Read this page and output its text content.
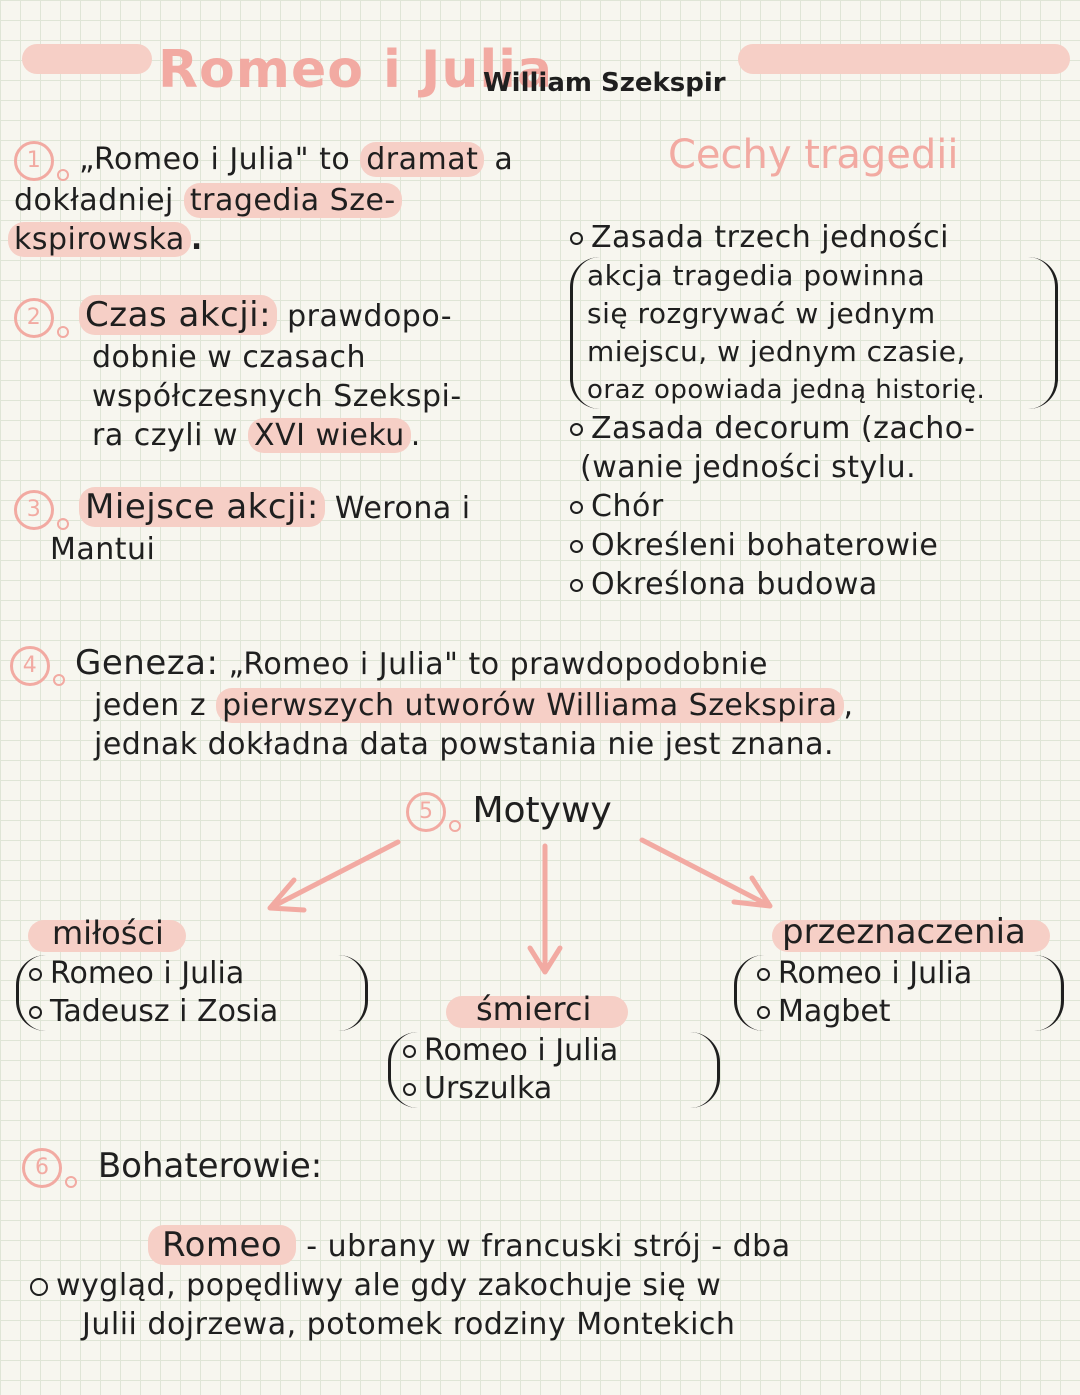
Romeo i Julia
William Szekspir
1 „Romeo i Julia" to dramat a dokładniej tragedia Sze- kspirowska .
2 Czas akcji: prawdopo-
dobnie w czasach
współczesnych Szekspi-
ra czyli w XVI wieku .
3 Miejsce akcji: Werona i
Mantui
Cechy tragedii
Zasada trzech jedności
akcja tragedia powinna
się rozgrywać w jednym
miejscu, w jednym czasie,
oraz opowiada jedną historię.
Zasada decorum (zacho-
(wanie jedności stylu.
Chór
Określeni bohaterowie
Określona budowa
4 Geneza: „Romeo i Julia" to prawdopodobnie
jeden z pierwszych utworów Williama Szekspira ,
jednak dokładna data powstania nie jest znana.
5 Motywy
miłości
Romeo i Julia
Tadeusz i Zosia	śmierci
Romeo i Julia
Urszulka
przeznaczenia
Romeo i Julia
Magbet
6 Bohaterowie:
Romeo - ubrany w francuski strój - dba
wygląd, popędliwy ale gdy zakochuje się w
Julii dojrzewa, potomek rodziny Montekich
